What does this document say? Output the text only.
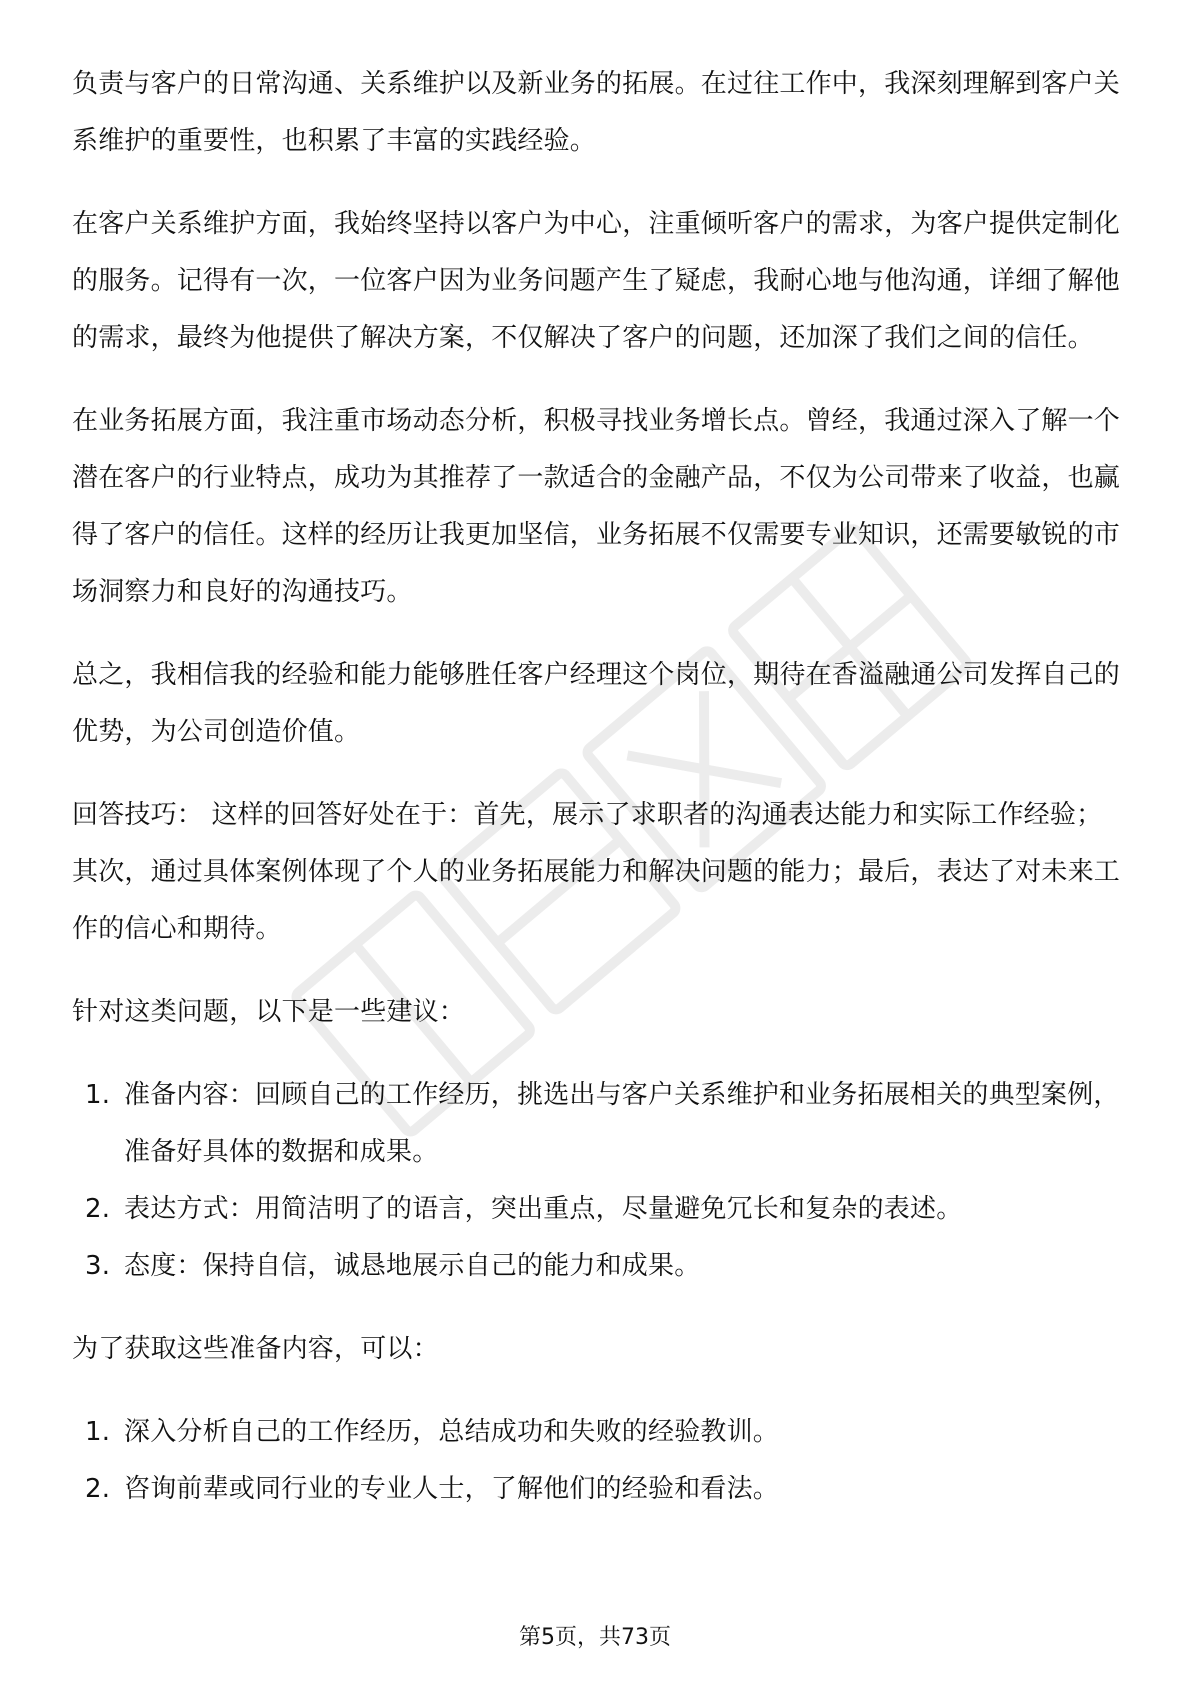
负责与客户的日常沟通、关系维护以及新业务的拓展。在过往工作中，我深刻理解到客户关系维护的重要性，也积累了丰富的实践经验。

在客户关系维护方面，我始终坚持以客户为中心，注重倾听客户的需求，为客户提供定制化的服务。记得有一次，一位客户因为业务问题产生了疑虑，我耐心地与他沟通，详细了解他的需求，最终为他提供了解决方案，不仅解决了客户的问题，还加深了我们之间的信任。

在业务拓展方面，我注重市场动态分析，积极寻找业务增长点。曾经，我通过深入了解一个潜在客户的行业特点，成功为其推荐了一款适合的金融产品，不仅为公司带来了收益，也赢得了客户的信任。这样的经历让我更加坚信，业务拓展不仅需要专业知识，还需要敏锐的市场洞察力和良好的沟通技巧。

总之，我相信我的经验和能力能够胜任客户经理这个岗位，期待在香溢融通公司发挥自己的优势，为公司创造价值。

回答技巧： 这样的回答好处在于：首先，展示了求职者的沟通表达能力和实际工作经验；其次，通过具体案例体现了个人的业务拓展能力和解决问题的能力；最后，表达了对未来工作的信心和期待。

针对这类问题，以下是一些建议：

1. 准备内容：回顾自己的工作经历，挑选出与客户关系维护和业务拓展相关的典型案例，准备好具体的数据和成果。
2. 表达方式：用简洁明了的语言，突出重点，尽量避免冗长和复杂的表述。
3. 态度：保持自信，诚恳地展示自己的能力和成果。

为了获取这些准备内容，可以：

1. 深入分析自己的工作经历，总结成功和失败的经验教训。
2. 咨询前辈或同行业的专业人士，了解他们的经验和看法。
第5页，共73页
